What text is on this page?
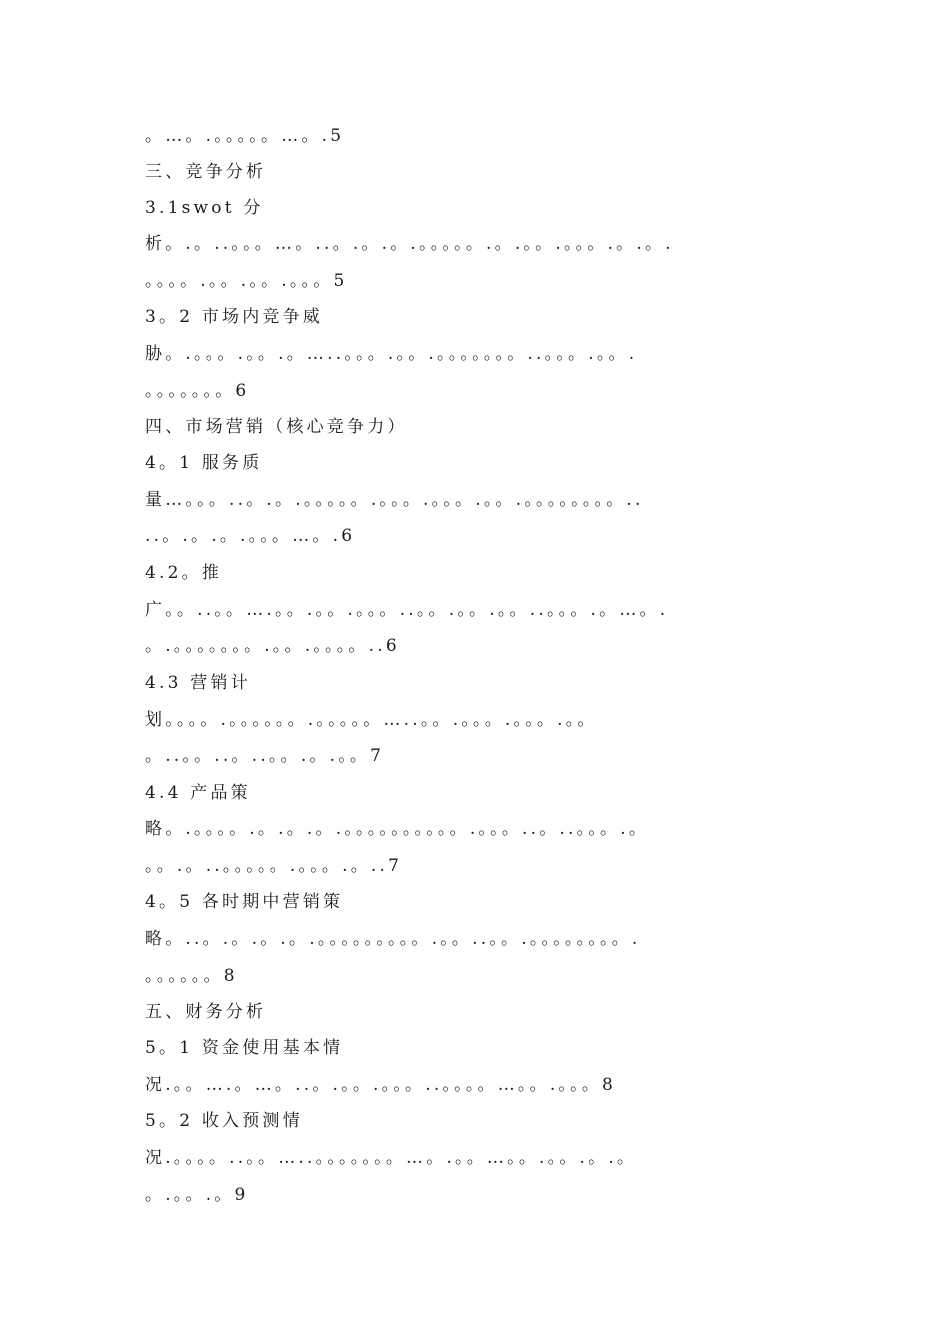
。…。.。。。。。…。.5
三、竞争分析
3.1swot 分
析。.。..。。。…。..。.。.。.。。。。。.。.。。.。。。.。.。.
。。。。.。。.。。.。。。5
3。2 市场内竞争威
胁。.。。。.。。.。…..。。。.。。.。。。。。。。..。。。.。。.
。。。。。。。6
四、市场营销（核心竞争力）
4。1 服务质
量…。。。..。.。.。。。。。.。。。.。。。.。。.。。。。。。。。..
..。.。.。.。。。…。.6
4.2。推
广。。..。。….。。.。。.。。。..。。.。。.。。..。。。.。…。.
。.。。。。。。。.。。.。。。。..6
4.3 营销计
划。。。。.。。。。。。.。。。。。…..。。.。。。.。。。.。。
。..。。..。..。。.。.。。7
4.4 产品策
略。.。。。。.。.。.。.。。。。。。。。。。.。。。..。..。。。.。
。。.。..。。。。。.。。。.。..7
4。5 各时期中营销策
略。..。.。.。.。.。。。。。。。。。.。。..。。.。。。。。。。。.
。。。。。。8
五、财务分析
5。1 资金使用基本情
况.。。….。…。..。.。。.。。。..。。。。…。。.。。。8
5。2 收入预测情
况.。。。。..。。…..。。。。。。。…。.。。…。。.。。.。.。
。.。。.。9
